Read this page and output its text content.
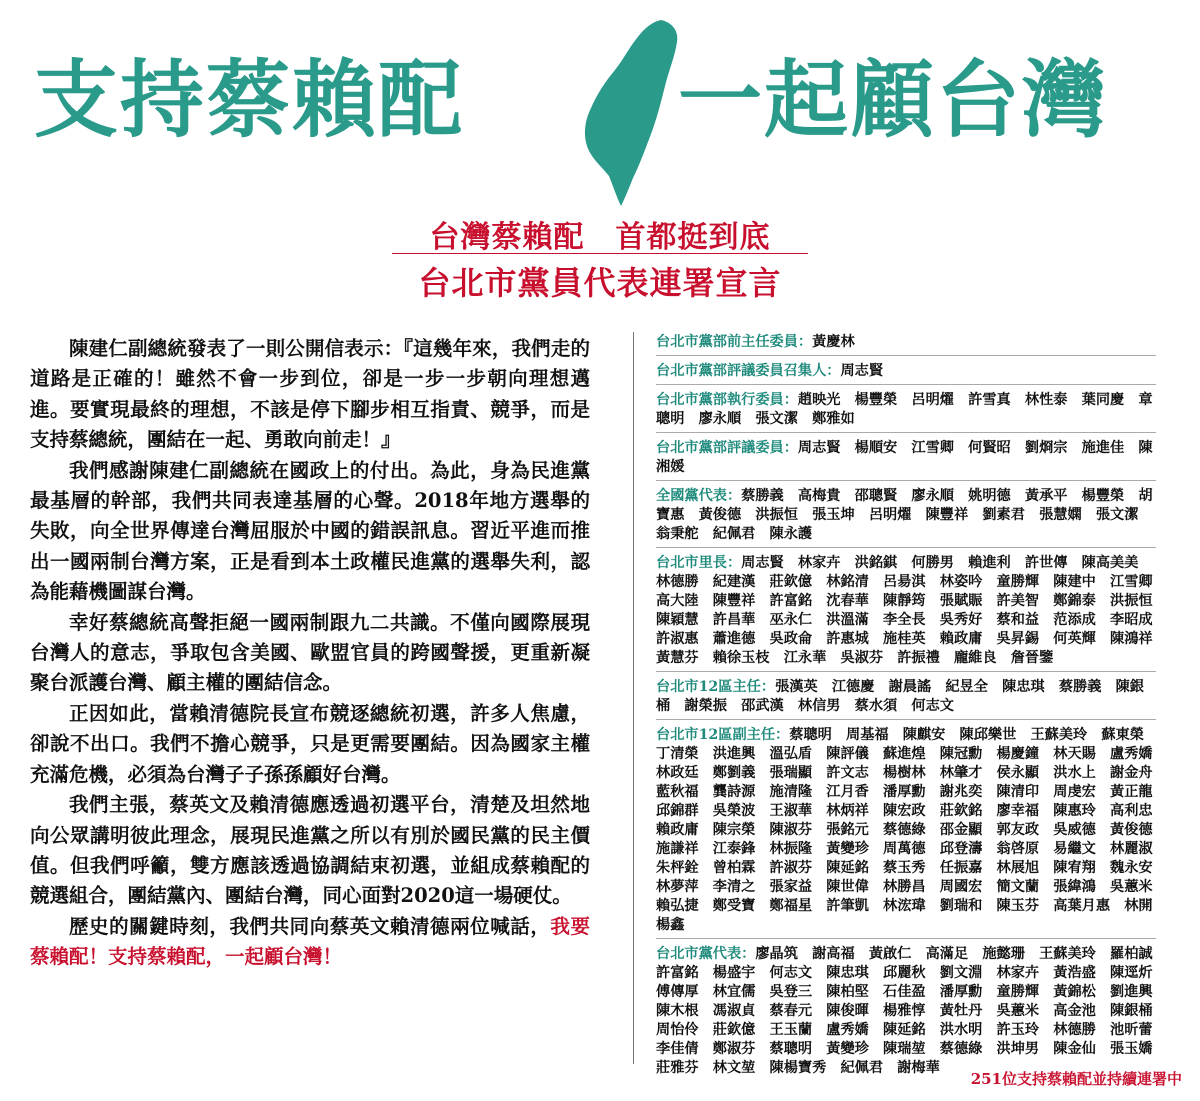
支持蔡賴配	一起顧台灣
台灣蔡賴配　首都挺到底
台北市黨員代表連署宣言

陳建仁副總統發表了一則公開信表示：『這幾年來，我們走的道路是正確的！雖然不會一步到位，卻是一步一步朝向理想邁進。要實現最終的理想，不該是停下腳步相互指責、競爭，而是支持蔡總統，團結在一起、勇敢向前走！』

我們感謝陳建仁副總統在國政上的付出。為此，身為民進黨最基層的幹部，我們共同表達基層的心聲。2018年地方選舉的失敗，向全世界傳達台灣屈服於中國的錯誤訊息。習近平進而推出一國兩制台灣方案，正是看到本土政權民進黨的選舉失利，認為能藉機圖謀台灣。

幸好蔡總統高聲拒絕一國兩制跟九二共識。不僅向國際展現台灣人的意志，爭取包含美國、歐盟官員的跨國聲援，更重新凝聚台派護台灣、顧主權的團結信念。

正因如此，當賴清德院長宣布競逐總統初選，許多人焦慮，卻說不出口。我們不擔心競爭，只是更需要團結。因為國家主權充滿危機，必須為台灣子子孫孫顧好台灣。

我們主張，蔡英文及賴清德應透過初選平台，清楚及坦然地向公眾講明彼此理念，展現民進黨之所以有別於國民黨的民主價值。但我們呼籲，雙方應該透過協調結束初選，並組成蔡賴配的競選組合，團結黨內、團結台灣，同心面對2020這一場硬仗。

歷史的關鍵時刻，我們共同向蔡英文賴清德兩位喊話，我要蔡賴配！支持蔡賴配，一起顧台灣！

台北市黨部前主任委員：黃慶林
台北市黨部評議委員召集人：周志賢
台北市黨部執行委員：趙映光　楊豐榮　呂明燿　許雪真　林性泰　葉同慶　章聰明　廖永順　張文潔　鄭雅如
台北市黨部評議委員：周志賢　楊順安　江雪卿　何賢昭　劉烱宗　施進佳　陳湘媛
全國黨代表：蔡勝義　高梅貴　邵聰賢　廖永順　姚明德　黃承平　楊豐榮　胡寶惠　黃俊德　洪振恒　張玉坤　呂明燿　陳豐祥　劉素君　張慧嫻　張文潔　翁秉舵　紀佩君　陳永護
台北市里長：周志賢　林家卉　洪銘錤　何勝男　賴進利　許世傳　陳高美美　林德勝　紀建漢　莊欽億　林銘清　呂昜淇　林姿吟　童勝輝　陳建中　江雪卿　高大陸　陳豐祥　許富銘　沈春華　陳靜筠　張賦賑　許美智　鄭錦泰　洪振恒　陳穎慧　許昌華　巫永仁　洪溫滿　李全長　吳秀好　蔡和益　范添成　李昭成　許淑惠　蕭進德　吳政侖　許惠城　施桂英　賴政庸　吳昇錫　何英輝　陳鴻祥　黃慧芬　賴徐玉枝　江永華　吳淑芬　許振禮　龐維良　詹晉鑒
台北市12區主任：張漢英　江德慶　謝晨謠　紀昱全　陳忠琪　蔡勝義　陳銀桶　謝榮振　邵武漢　林信男　蔡水須　何志文
台北市12區副主任：蔡聰明　周基福　陳麒安　陳邱樂世　王蘇美玲　蘇東榮　丁清榮　洪進興　溫弘盾　陳評儀　蘇進煌　陳冠勳　楊慶鐘　林天賜　盧秀嬌　林政廷　鄭劉義　張瑞顯　許文志　楊樹林　林肇才　侯永顯　洪水上　謝金舟　藍秋福　龔詩源　施清隆　江月香　潘厚勳　謝兆奕　陳清印　周虔宏　黃正龍　邱錦群　吳榮波　王淑華　林炳祥　陳宏政　莊欽銘　廖幸福　陳惠玲　高利忠　賴政庸　陳宗榮　陳淑芬　張銘元　蔡德綠　邵金顯　郭友政　吳威德　黃俊德　施謙祥　江泰鋒　林振隆　黃變珍　周萬德　邱登濤　翁啓原　易繼文　林麗淑　朱枰銓　曾柏霖　許淑芬　陳延銘　蔡玉秀　任振嘉　林展旭　陳宥翔　魏永安　林夢萍　李清之　張家益　陳世偉　林勝昌　周國宏　簡文蘭　張緯鴻　吳蕙米　賴弘捷　鄭受寶　鄭福星　許筆凱　林浤瑋　劉瑞和　陳玉芬　高葉月惠　林開　楊鑫
台北市黨代表：廖晶筑　謝高福　黃啟仁　高滿足　施懿珊　王蘇美玲　羅柏誠　許富銘　楊盛宇　何志文　陳忠琪　邱麗秋　劉文淵　林家卉　黃浩盛　陳逕炘　傅傳厚　林宜儒　吳登三　陳柏堅　石佳盈　潘厚勳　童勝輝　黃錦松　劉進興　陳木根　馮淑貞　蔡春元　陳俊暉　楊雅惇　黃牡丹　吳蕙米　高金池　陳銀桶　周怡伶　莊欽億　王玉蘭　盧秀嬌　陳延銘　洪水明　許玉玲　林德勝　池昕蕾　李佳倩　鄭淑芬　蔡聰明　黃變珍　陳瑞堃　蔡德綠　洪坤男　陳金仙　張玉嬌　莊雅芬　林文堃　陳楊寶秀　紀佩君　謝梅華
251位支持蔡賴配並持續連署中
